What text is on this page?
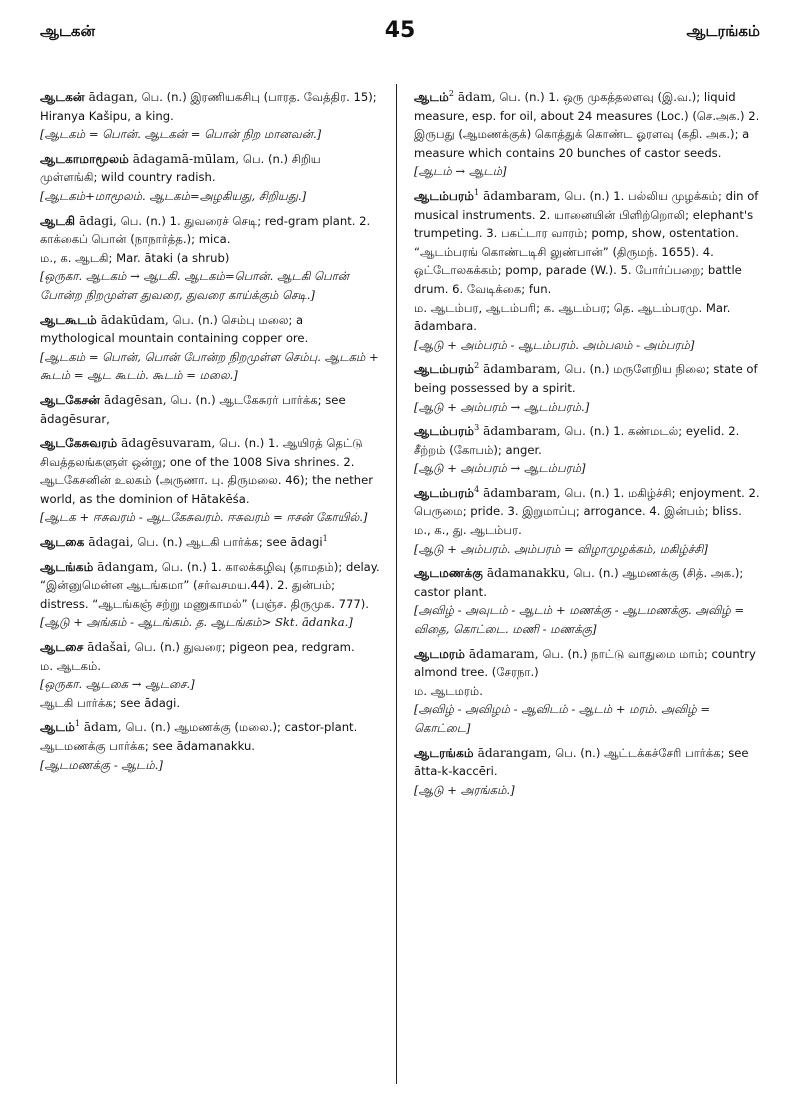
ஆடகன்	45	ஆடரங்கம்

ஆடகன் ādagan, பெ. (n.) இரணியகசிபு (பாரத. வேத்திர. 15); Hiranya Kašipu, a king.

[ஆடகம் = பொன். ஆடகன் = பொன் நிற மானவன்.]

ஆடகாமாமூலம் ādagamā-mūlam, பெ. (n.) சிறிய முள்ளங்கி; wild country radish.

[ஆடகம்+மாமூலம். ஆடகம்=அழகியது, சிறியது.]

ஆடகி ādagi, பெ. (n.) 1. துவரைச் செடி; red-gram plant. 2. காக்கைப் பொன் (நாநார்த்த.); mica.

ம., க. ஆடகி; Mar. ātaki (a shrub)

[ஒருகா. ஆடகம் → ஆடகி. ஆடகம்=பொன். ஆடகி பொன் போன்ற நிறமுள்ள துவரை, துவரை காய்க்கும் செடி.]

ஆடகூடம் ādakūdam, பெ. (n.) செம்பு மலை; a mythological mountain containing copper ore.

[ஆடகம் = பொன், பொன் போன்ற நிறமுள்ள செம்பு. ஆடகம் + கூடம் = ஆட கூடம். கூடம் = மலை.]

ஆடகேசன் ādagēsan, பெ. (n.) ஆடகேசுரர் பார்க்க; see ādagēsurar,

ஆடகேசுவரம் ādagēsuvaram, பெ. (n.) 1. ஆயிரத் தெட்டு சிவத்தலங்களுள் ஒன்று; one of the 1008 Siva shrines. 2. ஆடகேசனின் உலகம் (அருணா. பு. திருமலை. 46); the nether world, as the dominion of Hātakēśa.

[ஆடக + ஈசுவரம் - ஆடகேசுவரம். ஈசுவரம் = ஈசன் கோயில்.]

ஆடகை ādagai, பெ. (n.) ஆடகி பார்க்க; see ādagi$^1$

ஆடங்கம் ādangam, பெ. (n.) 1. காலக்கழிவு (தாமதம்); delay. “இன்னுமென்ன ஆடங்கமா” (சர்வசமய.44). 2. துன்பம்; distress. “ஆடங்கஞ் சற்று மணுகாமல்” (பஞ்ச. திருமுக. 777).

[ஆடு + அங்கம் - ஆடங்கம். த. ஆடங்கம்> Skt. ādanka.]

ஆடசை ādašai, பெ. (n.) துவரை; pigeon pea, redgram.

ம. ஆடகம்.

[ஒருகா. ஆடகை → ஆடசை.]

ஆடகி பார்க்க; see ādagi.

ஆடம்$^1$ ādam, பெ. (n.) ஆமணக்கு (மலை.); castor-plant.

ஆடமணக்கு பார்க்க; see ādamanakku.

[ஆடமணக்கு - ஆடம்.]

ஆடம்$^2$ ādam, பெ. (n.) 1. ஒரு முகத்தலளவு (இ.வ.); liquid measure, esp. for oil, about 24 measures (Loc.) (செ.அக.) 2. இருபது (ஆமணக்குக்) கொத்துக் கொண்ட ஓரளவு (கதி. அக.); a measure which contains 20 bunches of castor seeds.

[ஆடம் → ஆடம்]

ஆடம்பரம்$^1$ ādambaram, பெ. (n.) 1. பல்லிய முழக்கம்; din of musical instruments. 2. யானையின் பிளிற்றொலி; elephant's trumpeting. 3. பகட்டார வாரம்; pomp, show, ostentation. “ஆடம்பரங் கொண்டடிசி லுண்பான்” (திருமந். 1655). 4. ஒட்டோலகக்கம்; pomp, parade (W.). 5. போர்ப்பறை; battle drum. 6. வேடிக்கை; fun.

ம. ஆடம்பர, ஆடம்பரி; க. ஆடம்பர; தெ. ஆடம்பரமு. Mar. ādambara.

[ஆடு + அம்பரம் - ஆடம்பரம். அம்பலம் - அம்பரம்]

ஆடம்பரம்$^2$ ādambaram, பெ. (n.) மருளேறிய நிலை; state of being possessed by a spirit.

[ஆடு + அம்பரம் → ஆடம்பரம்.]

ஆடம்பரம்$^3$ ādambaram, பெ. (n.) 1. கண்மடல்; eyelid. 2. சீற்றம் (கோபம்); anger.

[ஆடு + அம்பரம் → ஆடம்பரம்]

ஆடம்பரம்$^4$ ādambaram, பெ. (n.) 1. மகிழ்ச்சி; enjoyment. 2. பெருமை; pride. 3. இறுமாப்பு; arrogance. 4. இன்பம்; bliss.

ம., க., து. ஆடம்பர.

[ஆடு + அம்பரம். அம்பரம் = விழாமுழக்கம், மகிழ்ச்சி]

ஆடமணக்கு ādamanakku, பெ. (n.) ஆமணக்கு (சித். அக.); castor plant.

[அவிழ் - அவுடம் - ஆடம் + மணக்கு - ஆடமணக்கு. அவிழ் = விதை, கொட்டை. மணி - மணக்கு]

ஆடமரம் ādamaram, பெ. (n.) நாட்டு வாதுமை மாம்; country almond tree. (சேரநா.)

ம. ஆடமரம்.

[அவிழ் - அவிழம் - ஆவிடம் - ஆடம் + மரம். அவிழ் = கொட்டை]

ஆடரங்கம் ādarangam, பெ. (n.) ஆட்டக்கச்சேரி பார்க்க; see ātta-k-kaccēri.

[ஆடு + அரங்கம்.]
